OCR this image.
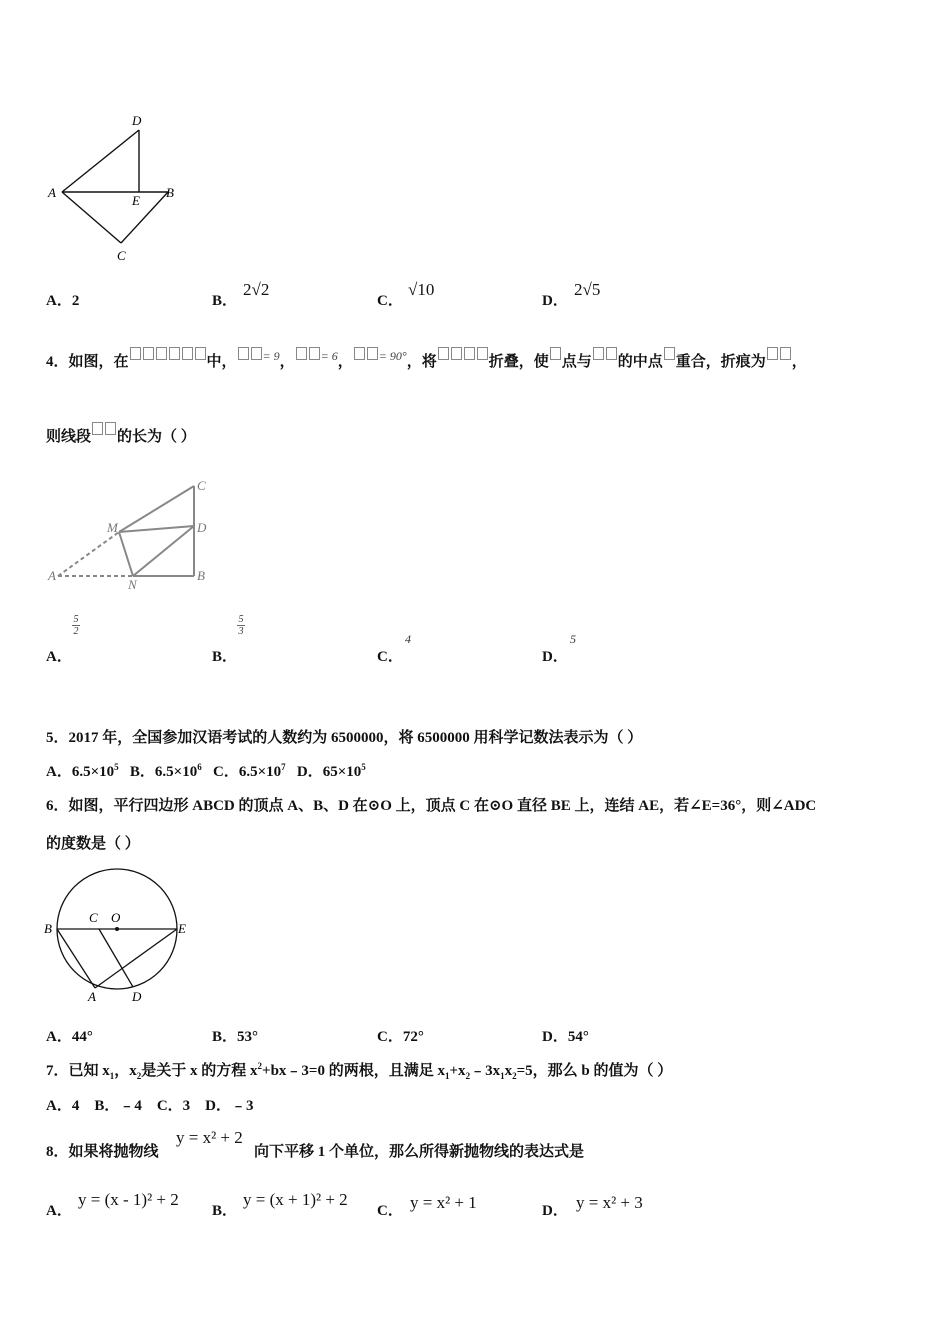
D
A
E
B
C
A．2	B．
2√2
C．
√10
D．
2√5
4．如图，在	中， = 9， = 6， = 90°，将	折叠，使 点与 的中点 重合，折痕为 ，
则线段 的长为（ ）
M	D
C
A
N
B
A．
5
2
B．
5
3
C．
4
D．
5
5．2017 年，全国参加汉语考试的人数约为 6500000，将 6500000 用科学记数法表示为（ ）
A．$6.5\times 10^5$ B．$6.5\times 10^6$ C．$6.5\times 10^7$ D．$65\times 10^5$
6．如图，平行四边形 ABCD 的顶点 A、B、D 在⊙O 上，顶点 C 在⊙O 直径 BE 上，连结 AE，若∠E=36°，则∠ADC
的度数是（ ）
B
C O
E
A	D
A．44°	B．53°	C．72°	D．54°
7．已知 $x_1$，$x_2$是关于 x 的方程 $x^2+bx﹣3=0$ 的两根，且满足 $x_1+x_2﹣3x_1x_2=5$，那么 b 的值为（ ）
A．4    B．﹣4    C．3    D．﹣3
8．如果将抛物线
y = x² + 2
向下平移 1 个单位，那么所得新抛物线的表达式是
A．
y = (x - 1)² + 2
B．
y = (x + 1)² + 2
C． y = x² + 1	D． y = x² + 3
